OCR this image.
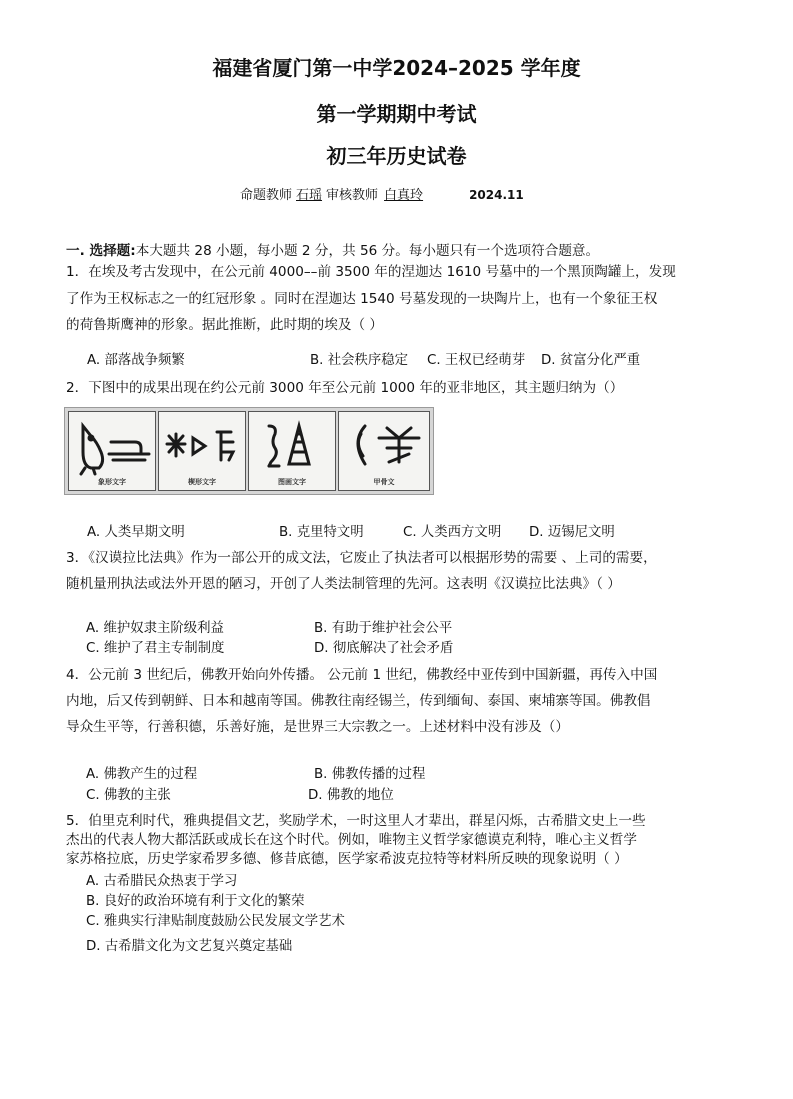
福建省厦门第一中学2024–2025 学年度
第一学期期中考试
初三年历史试卷
命题教师 石瑶 审核教师 白真玲	2024.11
一. 选择题:本大题共 28 小题，每小题 2 分，共 56 分。每小题只有一个选项符合题意。
1．在埃及考古发现中，在公元前 4000––前 3500 年的涅迦达 1610 号墓中的一个黑顶陶罐上，发现
了作为王权标志之一的红冠形象 。同时在涅迦达 1540 号墓发现的一块陶片上，也有一个象征王权
的荷鲁斯鹰神的形象。据此推断，此时期的埃及（ ）
A. 部落战争频繁	B. 社会秩序稳定 C. 王权已经萌芽 D. 贫富分化严重
2．下图中的成果出现在约公元前 3000 年至公元前 1000 年的亚非地区，其主题归纳为（）
象形文字	楔形文字	图画文字	甲骨文
A. 人类早期文明	B. 克里特文明	C. 人类西方文明 D. 迈锡尼文明
3．《汉谟拉比法典》作为一部公开的成文法，它废止了执法者可以根据形势的需要 、上司的需要，
随机量刑执法或法外开恩的陋习，开创了人类法制管理的先河。这表明《汉谟拉比法典》（ ）
A. 维护奴隶主阶级利益	B. 有助于维护社会公平
C. 维护了君主专制制度	D. 彻底解决了社会矛盾
4．公元前 3 世纪后，佛教开始向外传播。 公元前 1 世纪，佛教经中亚传到中国新疆，再传入中国
内地，后又传到朝鲜、日本和越南等国。佛教往南经锡兰，传到缅甸、泰国、柬埔寨等国。佛教倡
导众生平等，行善积德，乐善好施，是世界三大宗教之一。上述材料中没有涉及（）
A. 佛教产生的过程	B. 佛教传播的过程
C. 佛教的主张	D. 佛教的地位
5．伯里克利时代，雅典提倡文艺，奖励学术，一时这里人才辈出，群星闪烁，古希腊文史上一些
杰出的代表人物大都活跃或成长在这个时代。例如，唯物主义哲学家德谟克利特，唯心主义哲学
家苏格拉底，历史学家希罗多德、修昔底德，医学家希波克拉特等材料所反映的现象说明（ ）
A. 古希腊民众热衷于学习
B. 良好的政治环境有利于文化的繁荣
C. 雅典实行津贴制度鼓励公民发展文学艺术
D. 古希腊文化为文艺复兴奠定基础
